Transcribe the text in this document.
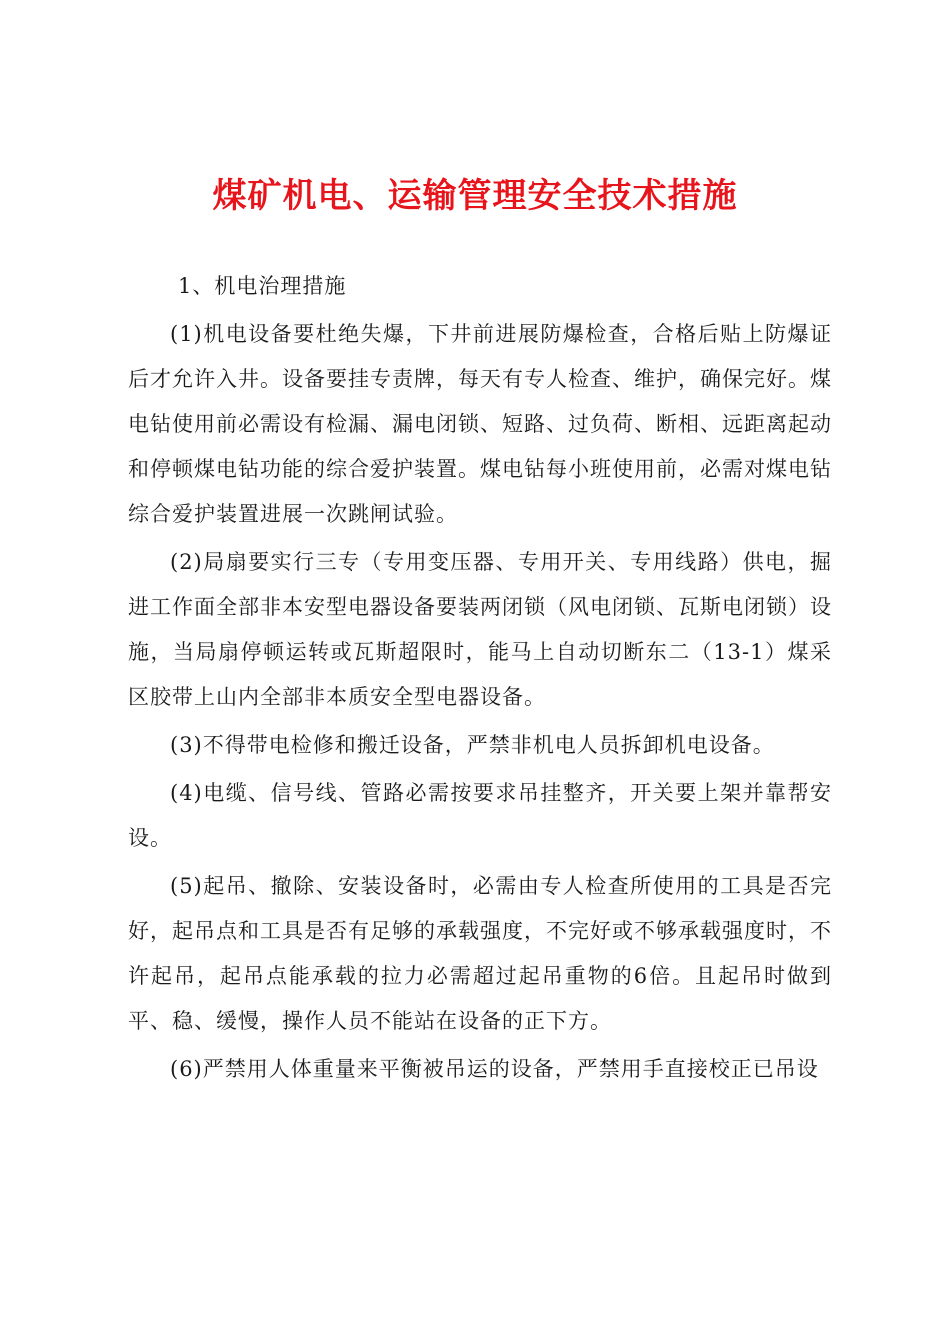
煤矿机电、运输管理安全技术措施

1、机电治理措施

(1)机电设备要杜绝失爆，下井前进展防爆检查，合格后贴上防爆证后才允许入井。设备要挂专责牌，每天有专人检查、维护，确保完好。煤电钻使用前必需设有检漏、漏电闭锁、短路、过负荷、断相、远距离起动和停顿煤电钻功能的综合爱护装置。煤电钻每小班使用前，必需对煤电钻综合爱护装置进展一次跳闸试验。

(2)局扇要实行三专（专用变压器、专用开关、专用线路）供电，掘进工作面全部非本安型电器设备要装两闭锁（风电闭锁、瓦斯电闭锁）设施，当局扇停顿运转或瓦斯超限时，能马上自动切断东二（13-1）煤采区胶带上山内全部非本质安全型电器设备。

(3)不得带电检修和搬迁设备，严禁非机电人员拆卸机电设备。

(4)电缆、信号线、管路必需按要求吊挂整齐，开关要上架并靠帮安设。

(5)起吊、撤除、安装设备时，必需由专人检查所使用的工具是否完好，起吊点和工具是否有足够的承载强度，不完好或不够承载强度时，不许起吊，起吊点能承载的拉力必需超过起吊重物的6倍。且起吊时做到平、稳、缓慢，操作人员不能站在设备的正下方。

(6)严禁用人体重量来平衡被吊运的设备，严禁用手直接校正已吊设
